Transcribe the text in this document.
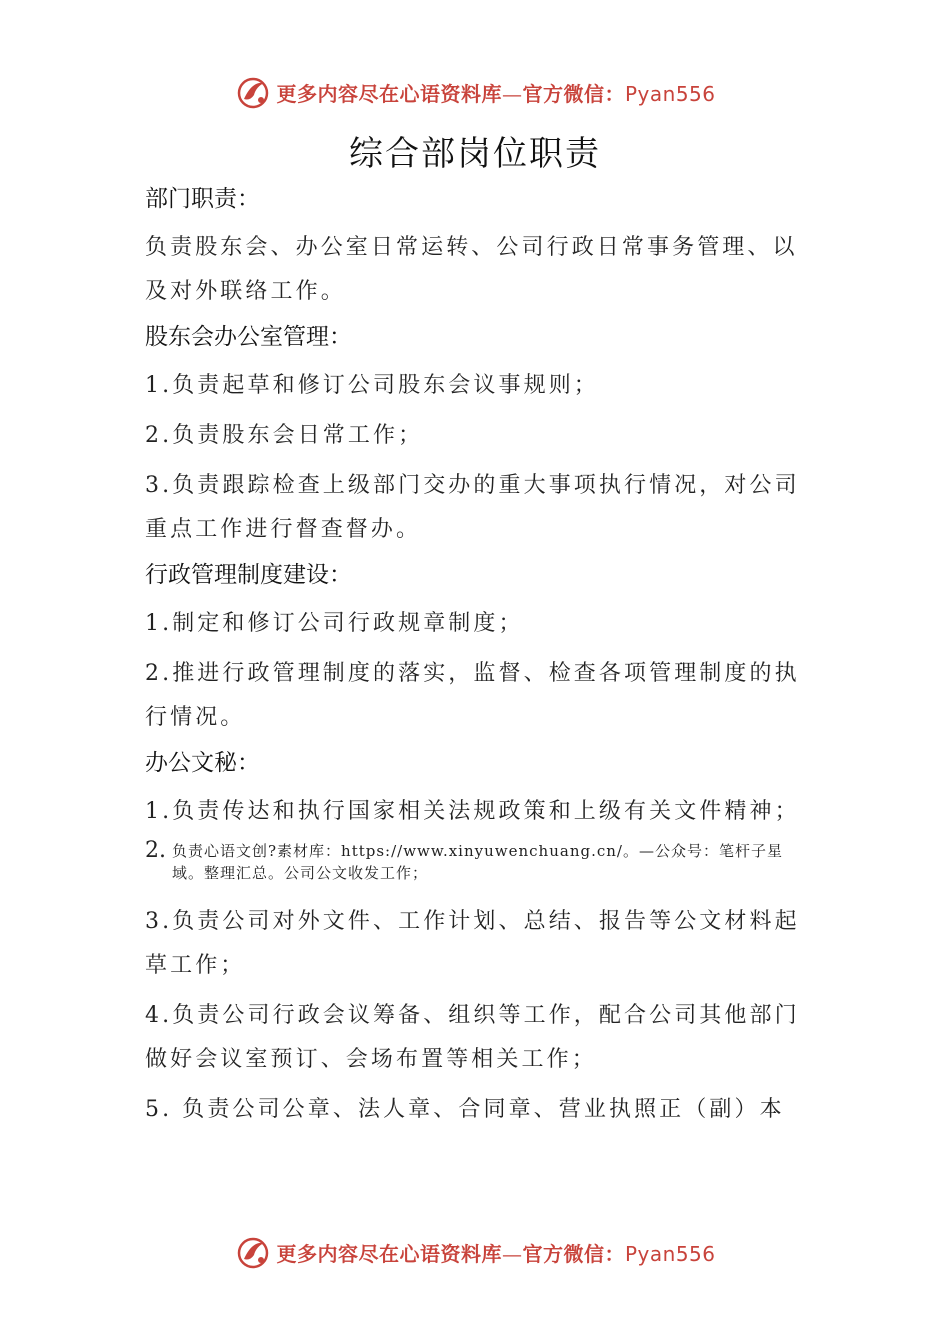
更多内容尽在心语资料库—官方微信：Pyan556
综合部岗位职责
部门职责：
负责股东会、办公室日常运转、公司行政日常事务管理、以及对外联络工作。
股东会办公室管理：
1.负责起草和修订公司股东会议事规则；
2.负责股东会日常工作；
3.负责跟踪检查上级部门交办的重大事项执行情况，对公司重点工作进行督查督办。
行政管理制度建设：
1.制定和修订公司行政规章制度；
2.推进行政管理制度的落实，监督、检查各项管理制度的执行情况。
办公文秘：
1.负责传达和执行国家相关法规政策和上级有关文件精神；
2. 负责心语文创?素材库：https://www.xinyuwenchuang.cn/。—公众号：笔杆子星域。整理汇总。公司公文收发工作；
3.负责公司对外文件、工作计划、总结、报告等公文材料起草工作；
4.负责公司行政会议筹备、组织等工作，配合公司其他部门做好会议室预订、会场布置等相关工作；
5. 负责公司公章、法人章、合同章、营业执照正（副）本
更多内容尽在心语资料库—官方微信：Pyan556
